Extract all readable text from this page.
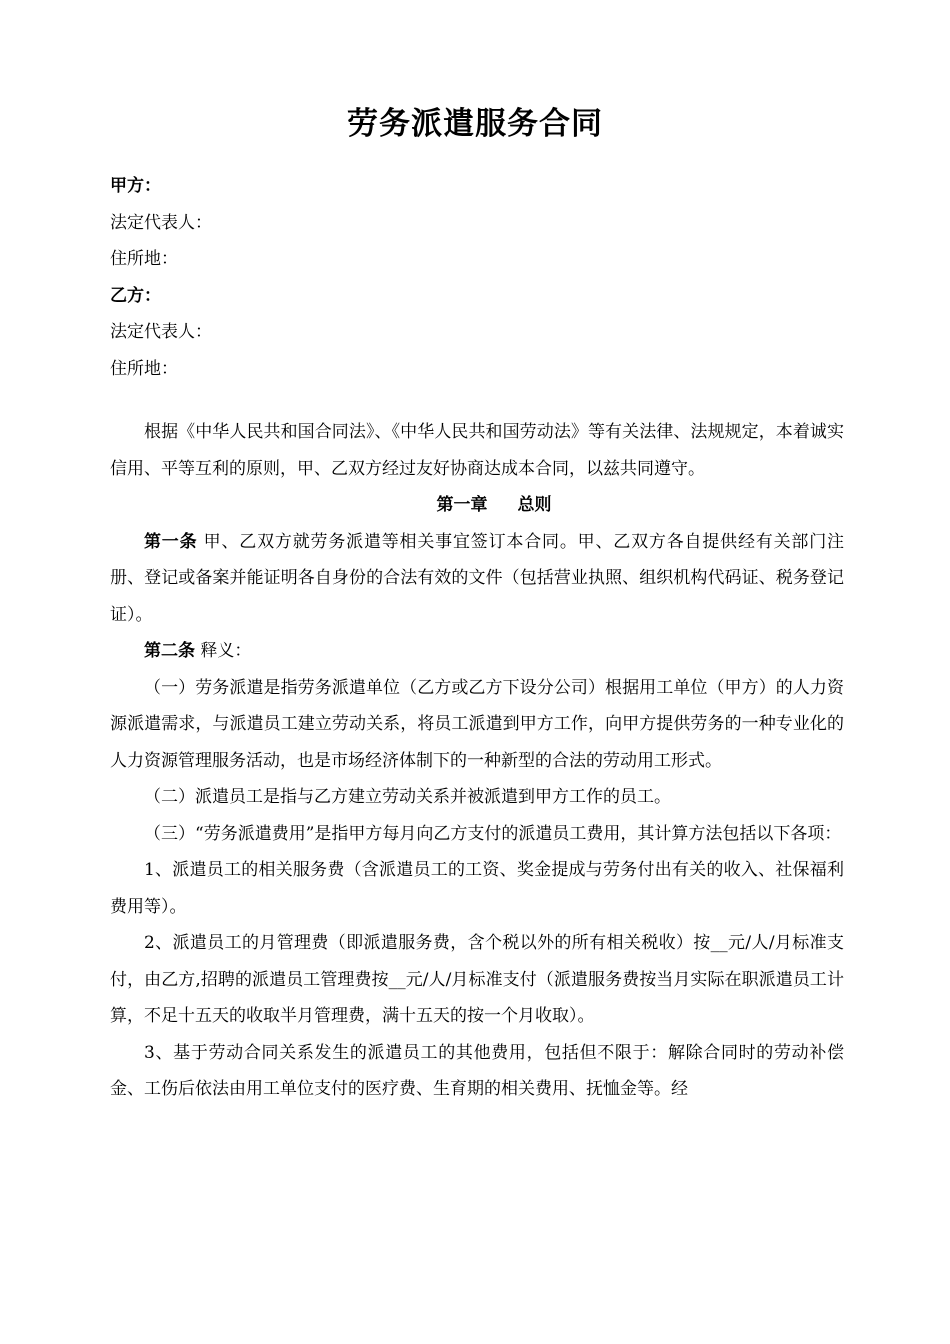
劳务派遣服务合同
甲方：
法定代表人：
住所地：
乙方：
法定代表人：
住所地：

根据《中华人民共和国合同法》、《中华人民共和国劳动法》等有关法律、法规规定，本着诚实信用、平等互利的原则，甲、乙双方经过友好协商达成本合同，以兹共同遵守。

第一章 总则

第一条 甲、乙双方就劳务派遣等相关事宜签订本合同。甲、乙双方各自提供经有关部门注册、登记或备案并能证明各自身份的合法有效的文件（包括营业执照、组织机构代码证、税务登记证）。

第二条 释义：

（一）劳务派遣是指劳务派遣单位（乙方或乙方下设分公司）根据用工单位（甲方）的人力资源派遣需求，与派遣员工建立劳动关系，将员工派遣到甲方工作，向甲方提供劳务的一种专业化的人力资源管理服务活动，也是市场经济体制下的一种新型的合法的劳动用工形式。

（二）派遣员工是指与乙方建立劳动关系并被派遣到甲方工作的员工。

（三）“劳务派遣费用”是指甲方每月向乙方支付的派遣员工费用，其计算方法包括以下各项：

1、派遣员工的相关服务费（含派遣员工的工资、奖金提成与劳务付出有关的收入、社保福利费用等）。

2、派遣员工的月管理费（即派遣服务费，含个税以外的所有相关税收）按__元/人/月标准支付，由乙方,招聘的派遣员工管理费按__元/人/月标准支付（派遣服务费按当月实际在职派遣员工计算，不足十五天的收取半月管理费，满十五天的按一个月收取）。

3、基于劳动合同关系发生的派遣员工的其他费用，包括但不限于：解除合同时的劳动补偿金、工伤后依法由用工单位支付的医疗费、生育期的相关费用、抚恤金等。经
